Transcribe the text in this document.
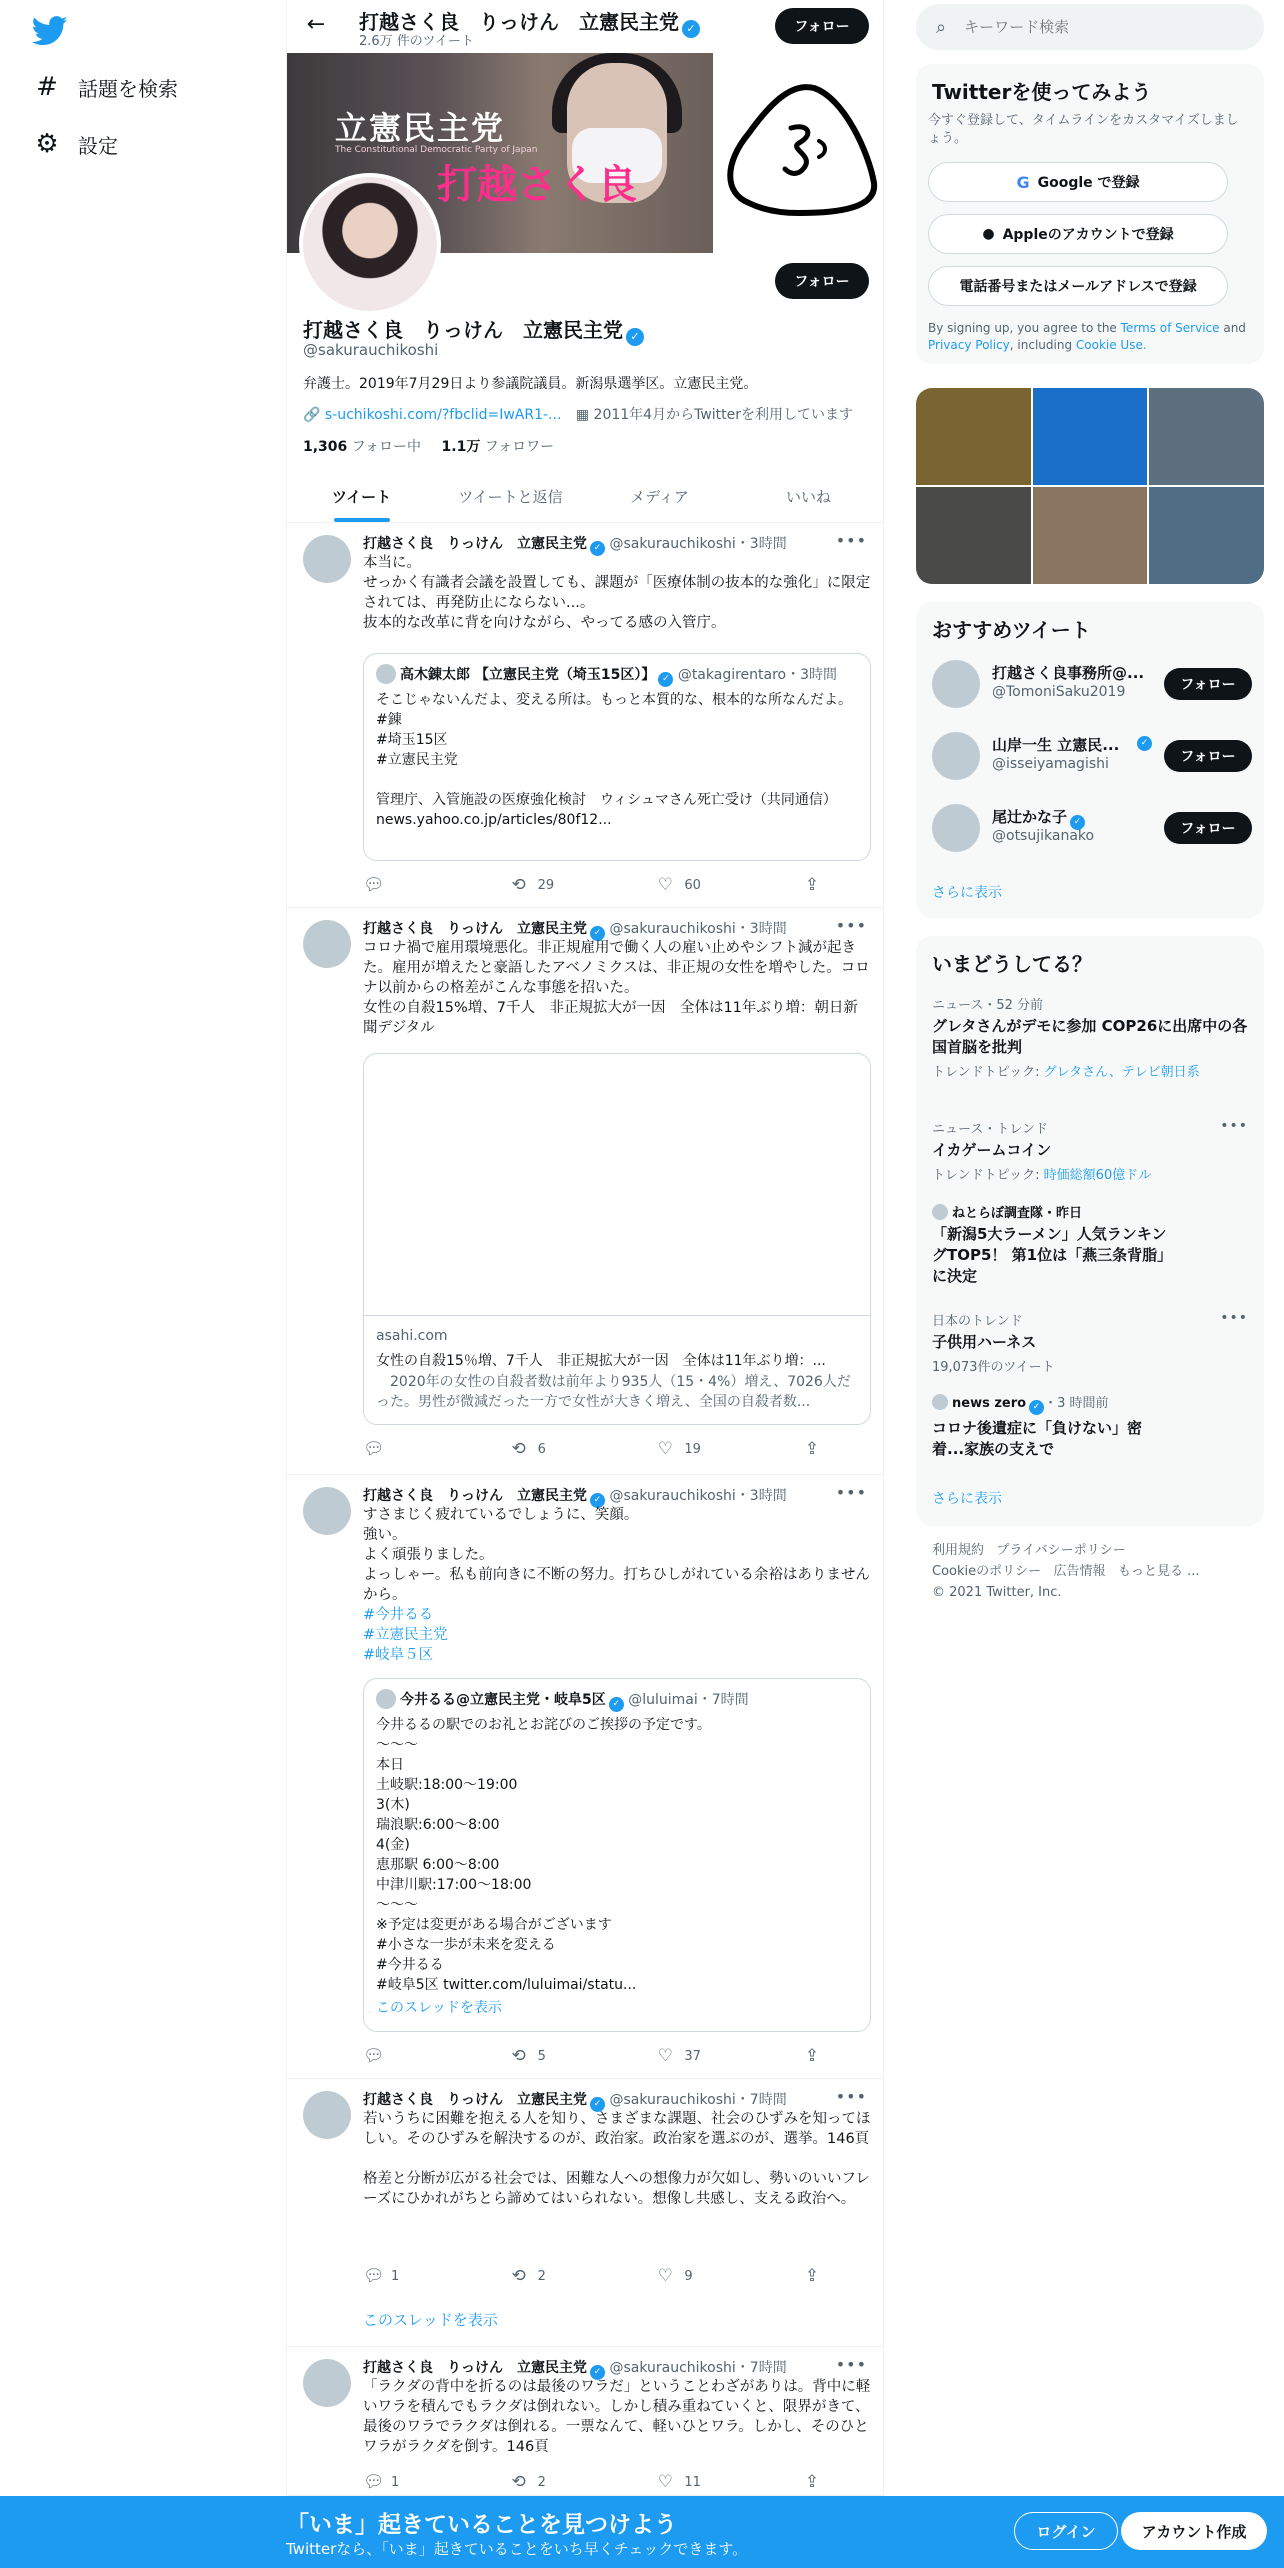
# 話題を検索
⚙ 設定
← 打越さく良　りっけん　立憲民主党 ✓
2.6万 件のツイート
フォロー
立憲民主党
The Constitutional Democratic Party of Japan
打越さく良
フォロー
打越さく良　りっけん　立憲民主党 ✓
@sakurauchikoshi
弁護士。2019年7月29日より参議院議員。新潟県選挙区。立憲民主党。
🔗 s-uchikoshi.com/?fbclid=IwAR1-... ▦ 2011年4月からTwitterを利用しています
1,306 フォロー中 1.1万 フォロワー
ツイート	ツイートと返信	メディア	いいね
打越さく良　りっけん　立憲民主党 ✓ @sakurauchikoshi・3時間	•••
本当に。
せっかく有識者会議を設置しても、課題が「医療体制の抜本的な強化」に限定されては、再発防止にならない...。
抜本的な改革に背を向けながら、やってる感の入管庁。
高木錬太郎 【立憲民主党（埼玉15区）】 ✓ @takagirentaro・3時間
そこじゃないんだよ、変える所は。もっと本質的な、根本的な所なんだよ。
#錬
#埼玉15区
#立憲民主党

管理庁、入管施設の医療強化検討　ウィシュマさん死亡受け（共同通信） news.yahoo.co.jp/articles/80f12...
💬︎	⟲ 29	♡ 60	⇪
打越さく良　りっけん　立憲民主党 ✓ @sakurauchikoshi・3時間	•••
コロナ禍で雇用環境悪化。非正規雇用で働く人の雇い止めやシフト減が起きた。雇用が増えたと豪語したアベノミクスは、非正規の女性を増やした。コロナ以前からの格差がこんな事態を招いた。
女性の自殺15%増、7千人　非正規拡大が一因　全体は11年ぶり増：朝日新聞デジタル
asahi.com
女性の自殺15％増、7千人　非正規拡大が一因　全体は11年ぶり増：...
　2020年の女性の自殺者数は前年より935人（15・4%）増え、7026人だった。男性が微減だった一方で女性が大きく増え、全国の自殺者数...
💬︎	⟲ 6	♡ 19	⇪
打越さく良　りっけん　立憲民主党 ✓ @sakurauchikoshi・3時間	•••
すさまじく疲れているでしょうに、笑顔。
強い。
よく頑張りました。
よっしゃー。私も前向きに不断の努力。打ちひしがれている余裕はありませんから。
#今井るる
#立憲民主党
#岐阜５区
今井るる@立憲民主党・岐阜5区 ✓ @luluimai・7時間
今井るるの駅でのお礼とお詫びのご挨拶の予定です。
〜〜〜
本日
土岐駅:18:00〜19:00
3(木)
瑞浪駅:6:00〜8:00
4(金)
恵那駅 6:00〜8:00
中津川駅:17:00〜18:00
〜〜〜
※予定は変更がある場合がございます
#小さな一歩が未来を変える
#今井るる
#岐阜5区 twitter.com/luluimai/statu...
このスレッドを表示
💬︎	⟲ 5	♡ 37	⇪
打越さく良　りっけん　立憲民主党 ✓ @sakurauchikoshi・7時間	•••
若いうちに困難を抱える人を知り、さまざまな課題、社会のひずみを知ってほしい。そのひずみを解決するのが、政治家。政治家を選ぶのが、選挙。146頁

格差と分断が広がる社会では、困難な人への想像力が欠如し、勢いのいいフレーズにひかれがちとら諦めてはいられない。想像し共感し、支える政治へ。
💬︎ 1	⟲ 2	♡ 9	⇪
このスレッドを表示
打越さく良　りっけん　立憲民主党 ✓ @sakurauchikoshi・7時間	•••
「ラクダの背中を折るのは最後のワラだ」ということわざがありは。背中に軽いワラを積んでもラクダは倒れない。しかし積み重ねていくと、限界がきて、最後のワラでラクダは倒れる。一票なんて、軽いひとワラ。しかし、そのひとワラがラクダを倒す。146頁
💬︎ 1	⟲ 2	♡ 11	⇪
⌕
キーワード検索
Twitterを使ってみよう
今すぐ登録して、タイムラインをカスタマイズしましょう。
G Google で登録
● Appleのアカウントで登録
電話番号またはメールアドレスで登録
By signing up, you agree to the Terms of Service and Privacy Policy, including Cookie Use.
おすすめツイート
打越さく良事務所@...
@TomoniSaku2019	フォロー
山岸一生 立憲民...	✓
@isseiyamagishi	フォロー
尾辻かな子 ✓
@otsujikanako	フォロー
さらに表示
いまどうしてる？
ニュース・52 分前
グレタさんがデモに参加 COP26に出席中の各国首脳を批判
トレンドトピック: グレタさん、テレビ朝日系
•••
ニュース・トレンド
イカゲームコイン
トレンドトピック: 時価総額60億ドル
ねとらぼ調査隊・昨日
「新潟5大ラーメン」人気ランキングTOP5！ 第1位は「燕三条背脂」に決定
•••
日本のトレンド
子供用ハーネス
19,073件のツイート
news zero ✓ ・3 時間前
コロナ後遺症に「負けない」密着...家族の支えで
さらに表示
利用規約 プライバシーポリシー
Cookieのポリシー 広告情報 もっと見る ...
© 2021 Twitter, Inc.
「いま」起きていることを見つけよう
Twitterなら、「いま」起きていることをいち早くチェックできます。
ログイン	アカウント作成
